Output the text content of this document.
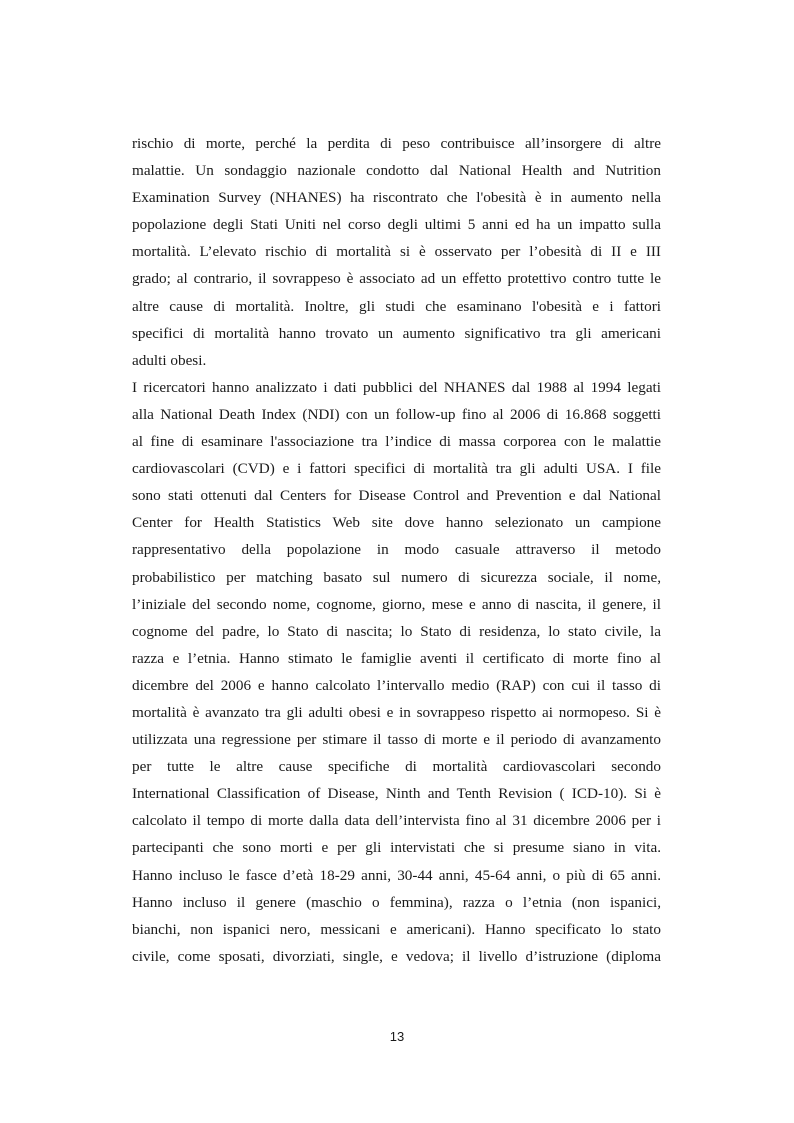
rischio di morte, perché la perdita di peso contribuisce all’insorgere di altre
malattie. Un sondaggio nazionale condotto dal National Health and Nutrition
Examination Survey (NHANES) ha riscontrato che l'obesità è in aumento nella
popolazione degli Stati Uniti nel corso degli ultimi 5 anni ed ha un impatto sulla
mortalità. L’elevato rischio di mortalità si è osservato per l’obesità di II e III
grado; al contrario, il sovrappeso è associato ad un effetto protettivo contro tutte le
altre cause di mortalità. Inoltre, gli studi che esaminano l'obesità e i fattori
specifici di mortalità hanno trovato un aumento significativo tra gli americani
adulti obesi.
I ricercatori hanno analizzato i dati pubblici del NHANES dal 1988 al 1994 legati
alla National Death Index (NDI) con un follow-up fino al 2006 di 16.868 soggetti
al fine di esaminare l'associazione tra l’indice di massa corporea con le malattie
cardiovascolari (CVD) e i fattori specifici di mortalità tra gli adulti USA. I file
sono stati ottenuti dal Centers for Disease Control and Prevention e dal National
Center for Health Statistics Web site dove hanno selezionato un campione
rappresentativo della popolazione in modo casuale attraverso il metodo
probabilistico per matching basato sul numero di sicurezza sociale, il nome,
l’iniziale del secondo nome, cognome, giorno, mese e anno di nascita, il genere, il
cognome del padre, lo Stato di nascita; lo Stato di residenza, lo stato civile, la
razza e l’etnia. Hanno stimato le famiglie aventi il certificato di morte fino al
dicembre del 2006 e hanno calcolato l’intervallo medio (RAP) con cui il tasso di
mortalità è avanzato tra gli adulti obesi e in sovrappeso rispetto ai normopeso. Si è
utilizzata una regressione per stimare il tasso di morte e il periodo di avanzamento
per tutte le altre cause specifiche di mortalità cardiovascolari secondo
International Classification of Disease, Ninth and Tenth Revision ( ICD-10). Si è
calcolato il tempo di morte dalla data dell’intervista fino al 31 dicembre 2006 per i
partecipanti che sono morti e per gli intervistati che si presume siano in vita.
Hanno incluso le fasce d’età 18-29 anni, 30-44 anni, 45-64 anni, o più di 65 anni.
Hanno incluso il genere (maschio o femmina), razza o l’etnia (non ispanici,
bianchi, non ispanici nero, messicani e americani). Hanno specificato lo stato
civile, come sposati, divorziati, single, e vedova; il livello d’istruzione (diploma
13
